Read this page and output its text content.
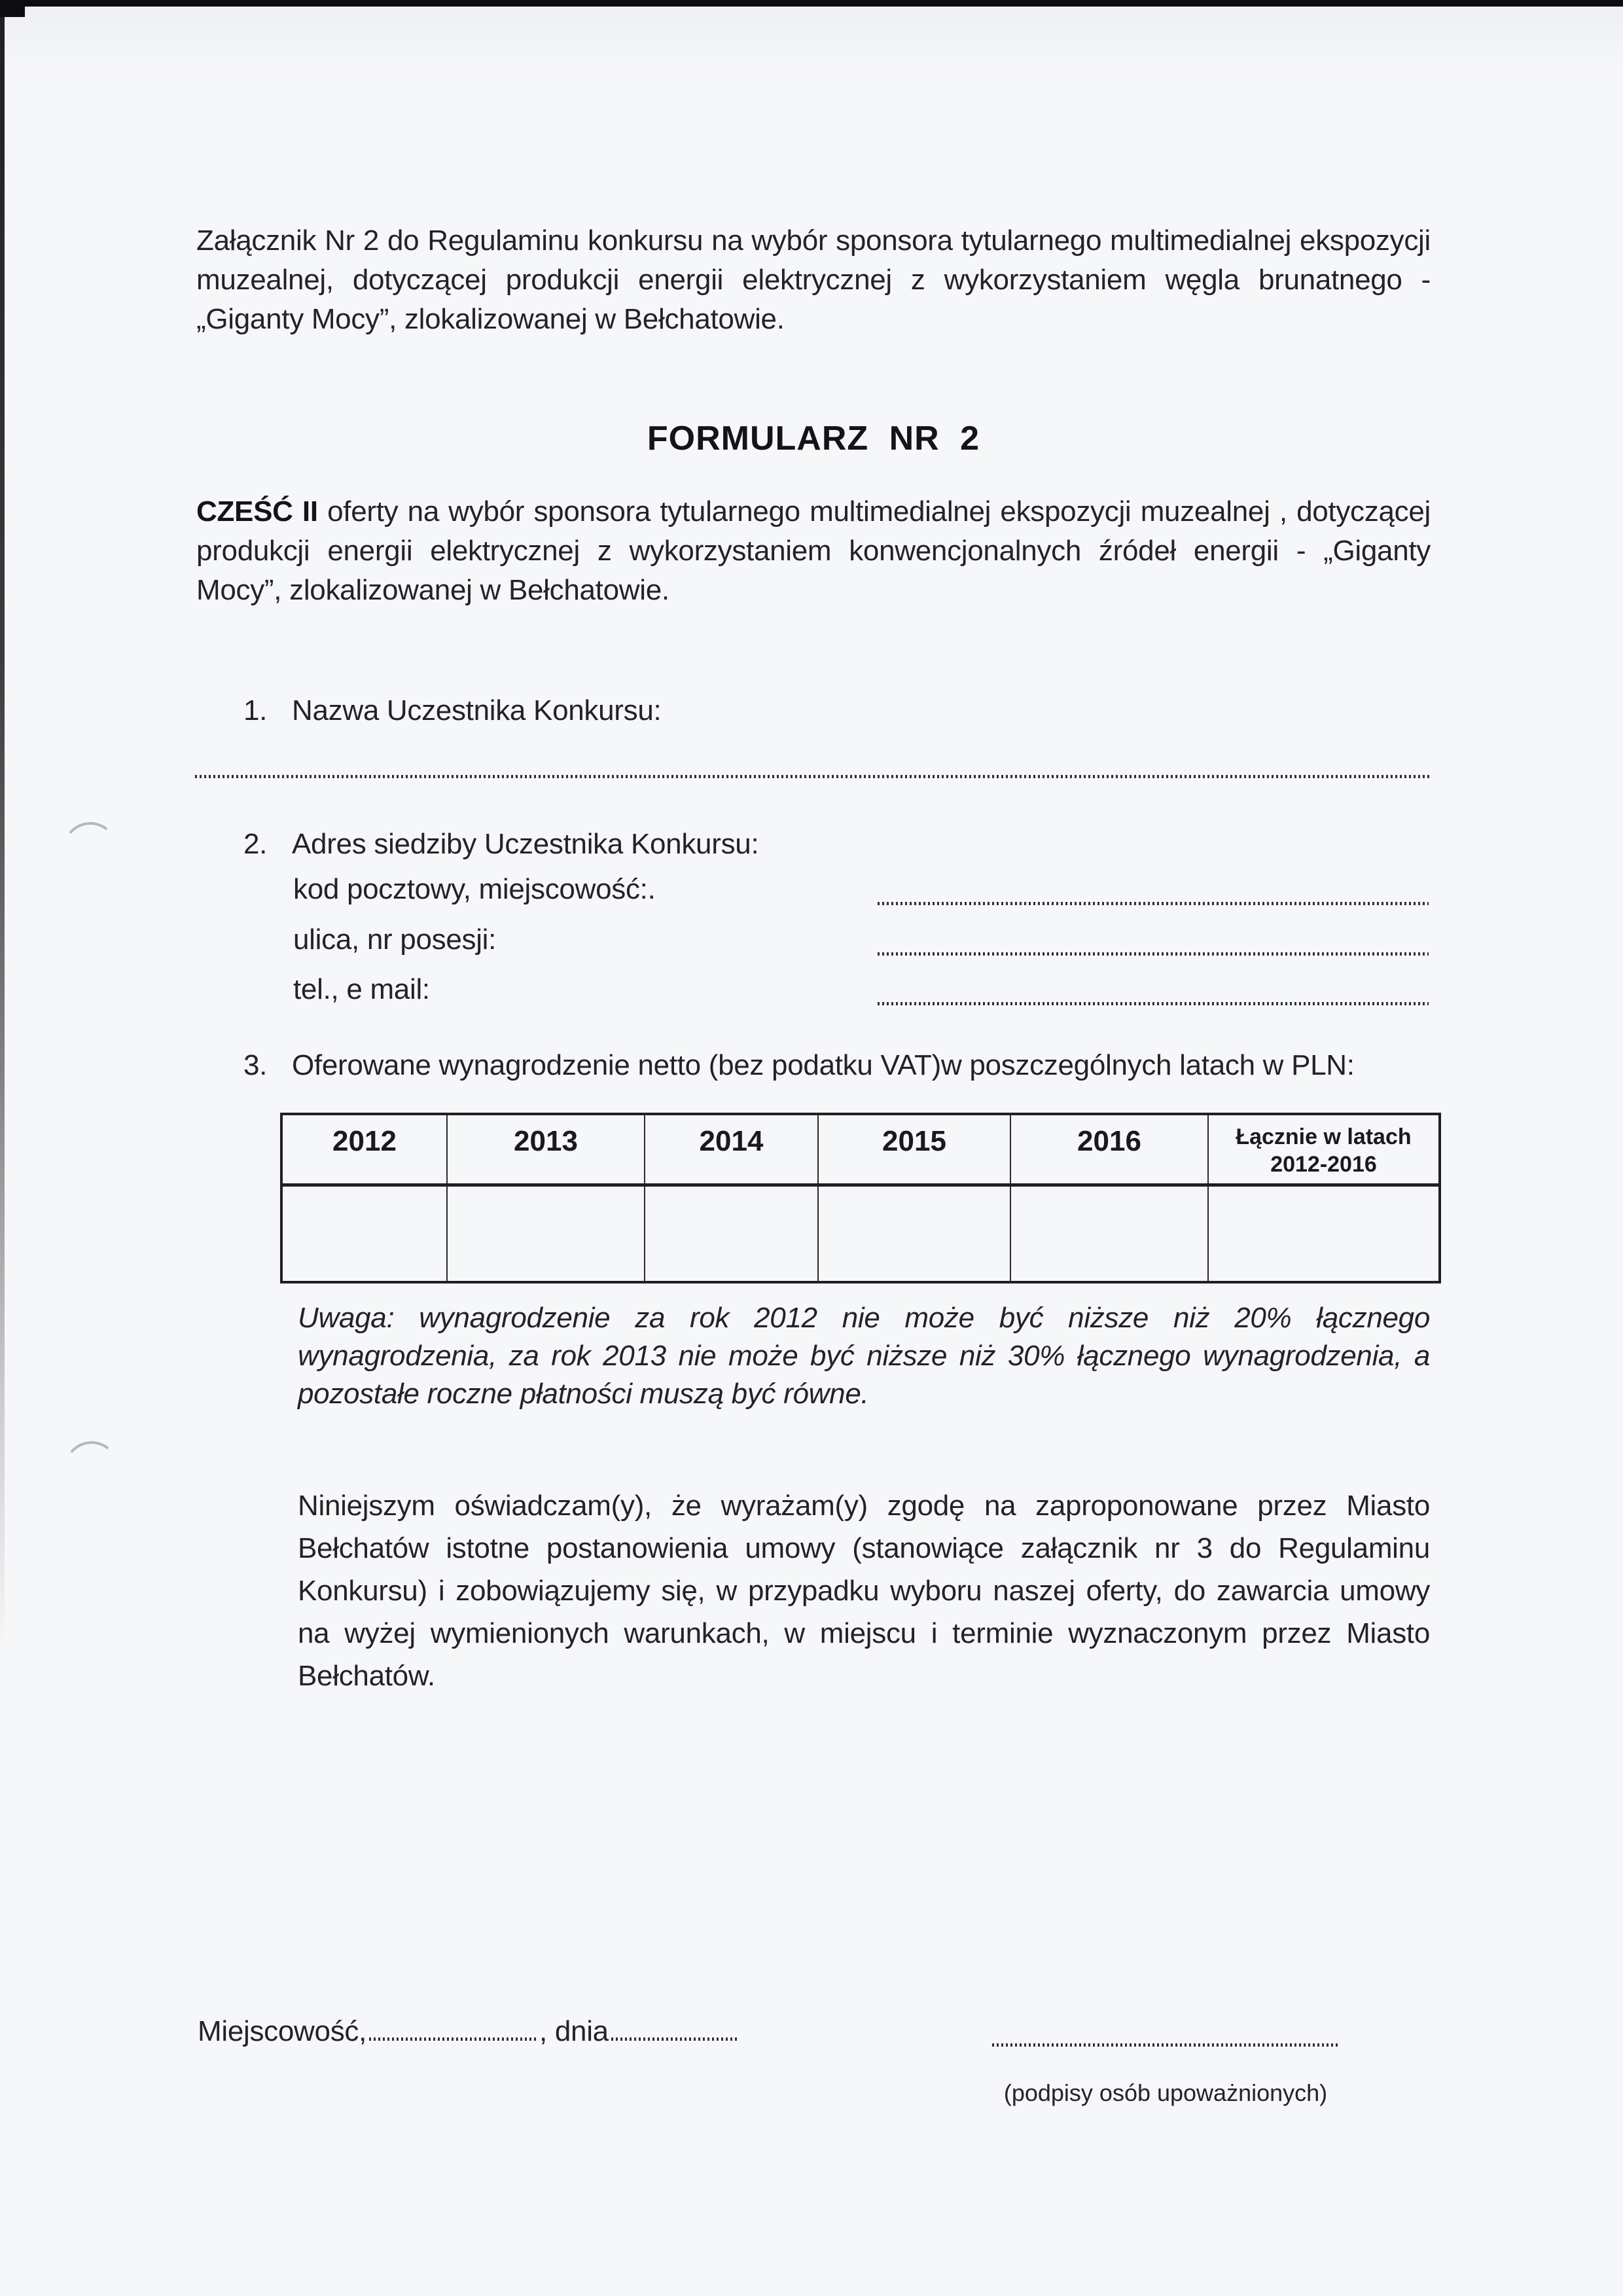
Załącznik Nr 2 do Regulaminu konkursu na wybór sponsora tytularnego multimedialnej ekspozycji muzealnej, dotyczącej produkcji energii elektrycznej z wykorzystaniem węgla brunatnego - „Giganty Mocy”, zlokalizowanej w Bełchatowie.

FORMULARZ NR 2

CZEŚĆ II oferty na wybór sponsora tytularnego multimedialnej ekspozycji muzealnej , dotyczącej produkcji energii elektrycznej z wykorzystaniem konwencjonalnych źródeł energii - „Giganty Mocy”, zlokalizowanej w Bełchatowie.

1. Nazwa Uczestnika Konkursu:
2. Adres siedziby Uczestnika Konkursu:
kod pocztowy, miejscowość:.
ulica, nr posesji:
tel., e mail:
3. Oferowane wynagrodzenie netto (bez podatku VAT)w poszczególnych latach w PLN:
2012	2013	2014	2015	2016	Łącznie w latach
2012-2016

Uwaga: wynagrodzenie za rok 2012 nie może być niższe niż 20% łącznego wynagrodzenia, za rok 2013 nie może być niższe niż 30% łącznego wynagrodzenia, a pozostałe roczne płatności muszą być równe.

Niniejszym oświadczam(y), że wyrażam(y) zgodę na zaproponowane przez Miasto Bełchatów istotne postanowienia umowy (stanowiące załącznik nr 3 do Regulaminu Konkursu) i zobowiązujemy się, w przypadku wyboru naszej oferty, do zawarcia umowy na wyżej wymienionych warunkach, w miejscu i terminie wyznaczonym przez Miasto Bełchatów.

Miejscowość,	, dnia
(podpisy osób upoważnionych)
